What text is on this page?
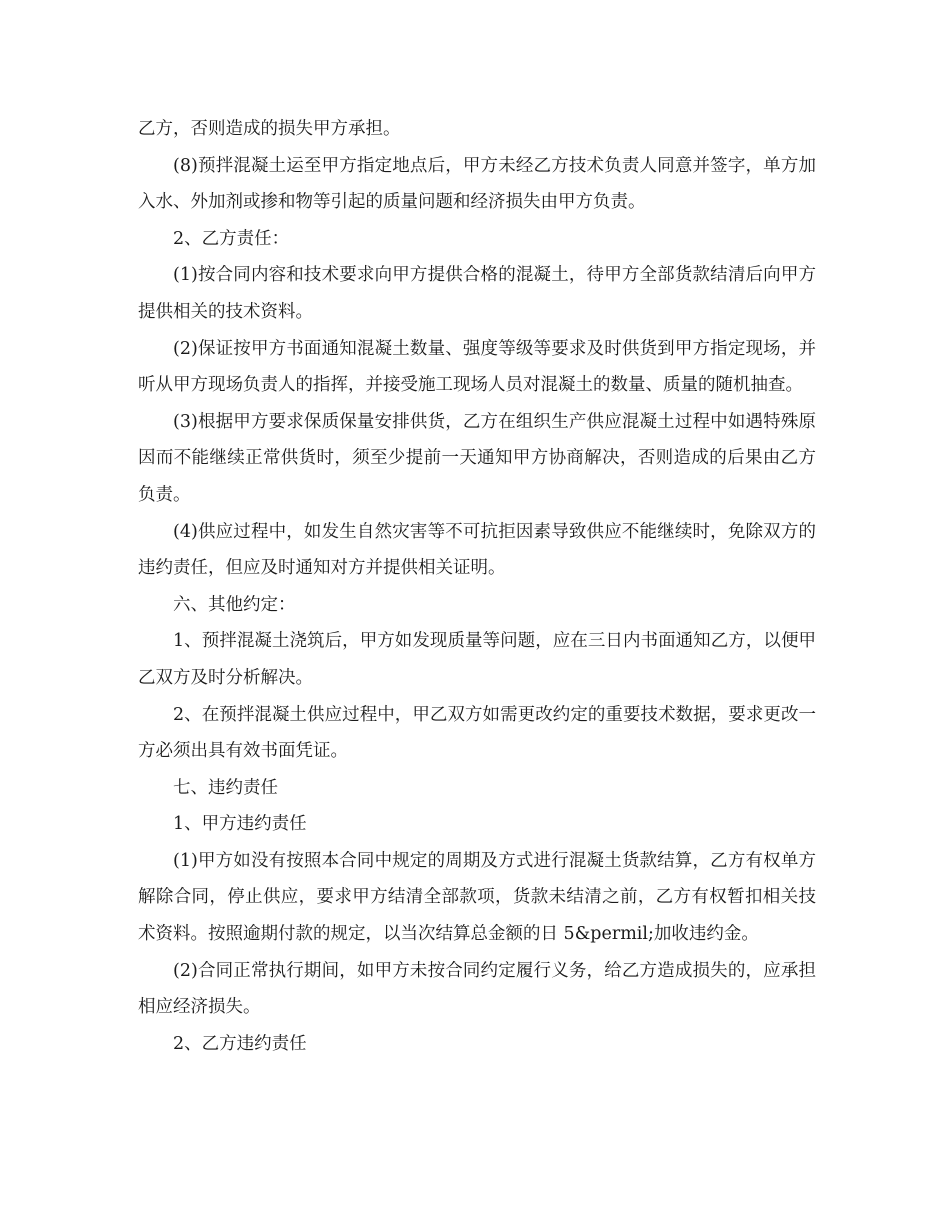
乙方，否则造成的损失甲方承担。

(8)预拌混凝土运至甲方指定地点后，甲方未经乙方技术负责人同意并签字，单方加入水、外加剂或掺和物等引起的质量问题和经济损失由甲方负责。

2、乙方责任：

(1)按合同内容和技术要求向甲方提供合格的混凝土，待甲方全部货款结清后向甲方提供相关的技术资料。

(2)保证按甲方书面通知混凝土数量、强度等级等要求及时供货到甲方指定现场，并听从甲方现场负责人的指挥，并接受施工现场人员对混凝土的数量、质量的随机抽查。

(3)根据甲方要求保质保量安排供货，乙方在组织生产供应混凝土过程中如遇特殊原因而不能继续正常供货时，须至少提前一天通知甲方协商解决，否则造成的后果由乙方负责。

(4)供应过程中，如发生自然灾害等不可抗拒因素导致供应不能继续时，免除双方的违约责任，但应及时通知对方并提供相关证明。

六、其他约定：

1、预拌混凝土浇筑后，甲方如发现质量等问题，应在三日内书面通知乙方，以便甲乙双方及时分析解决。

2、在预拌混凝土供应过程中，甲乙双方如需更改约定的重要技术数据，要求更改一方必须出具有效书面凭证。

七、违约责任

1、甲方违约责任

(1)甲方如没有按照本合同中规定的周期及方式进行混凝土货款结算，乙方有权单方解除合同，停止供应，要求甲方结清全部款项，货款未结清之前，乙方有权暂扣相关技术资料。按照逾期付款的规定，以当次结算总金额的日 5&permil;加收违约金。

(2)合同正常执行期间，如甲方未按合同约定履行义务，给乙方造成损失的，应承担相应经济损失。

2、乙方违约责任
